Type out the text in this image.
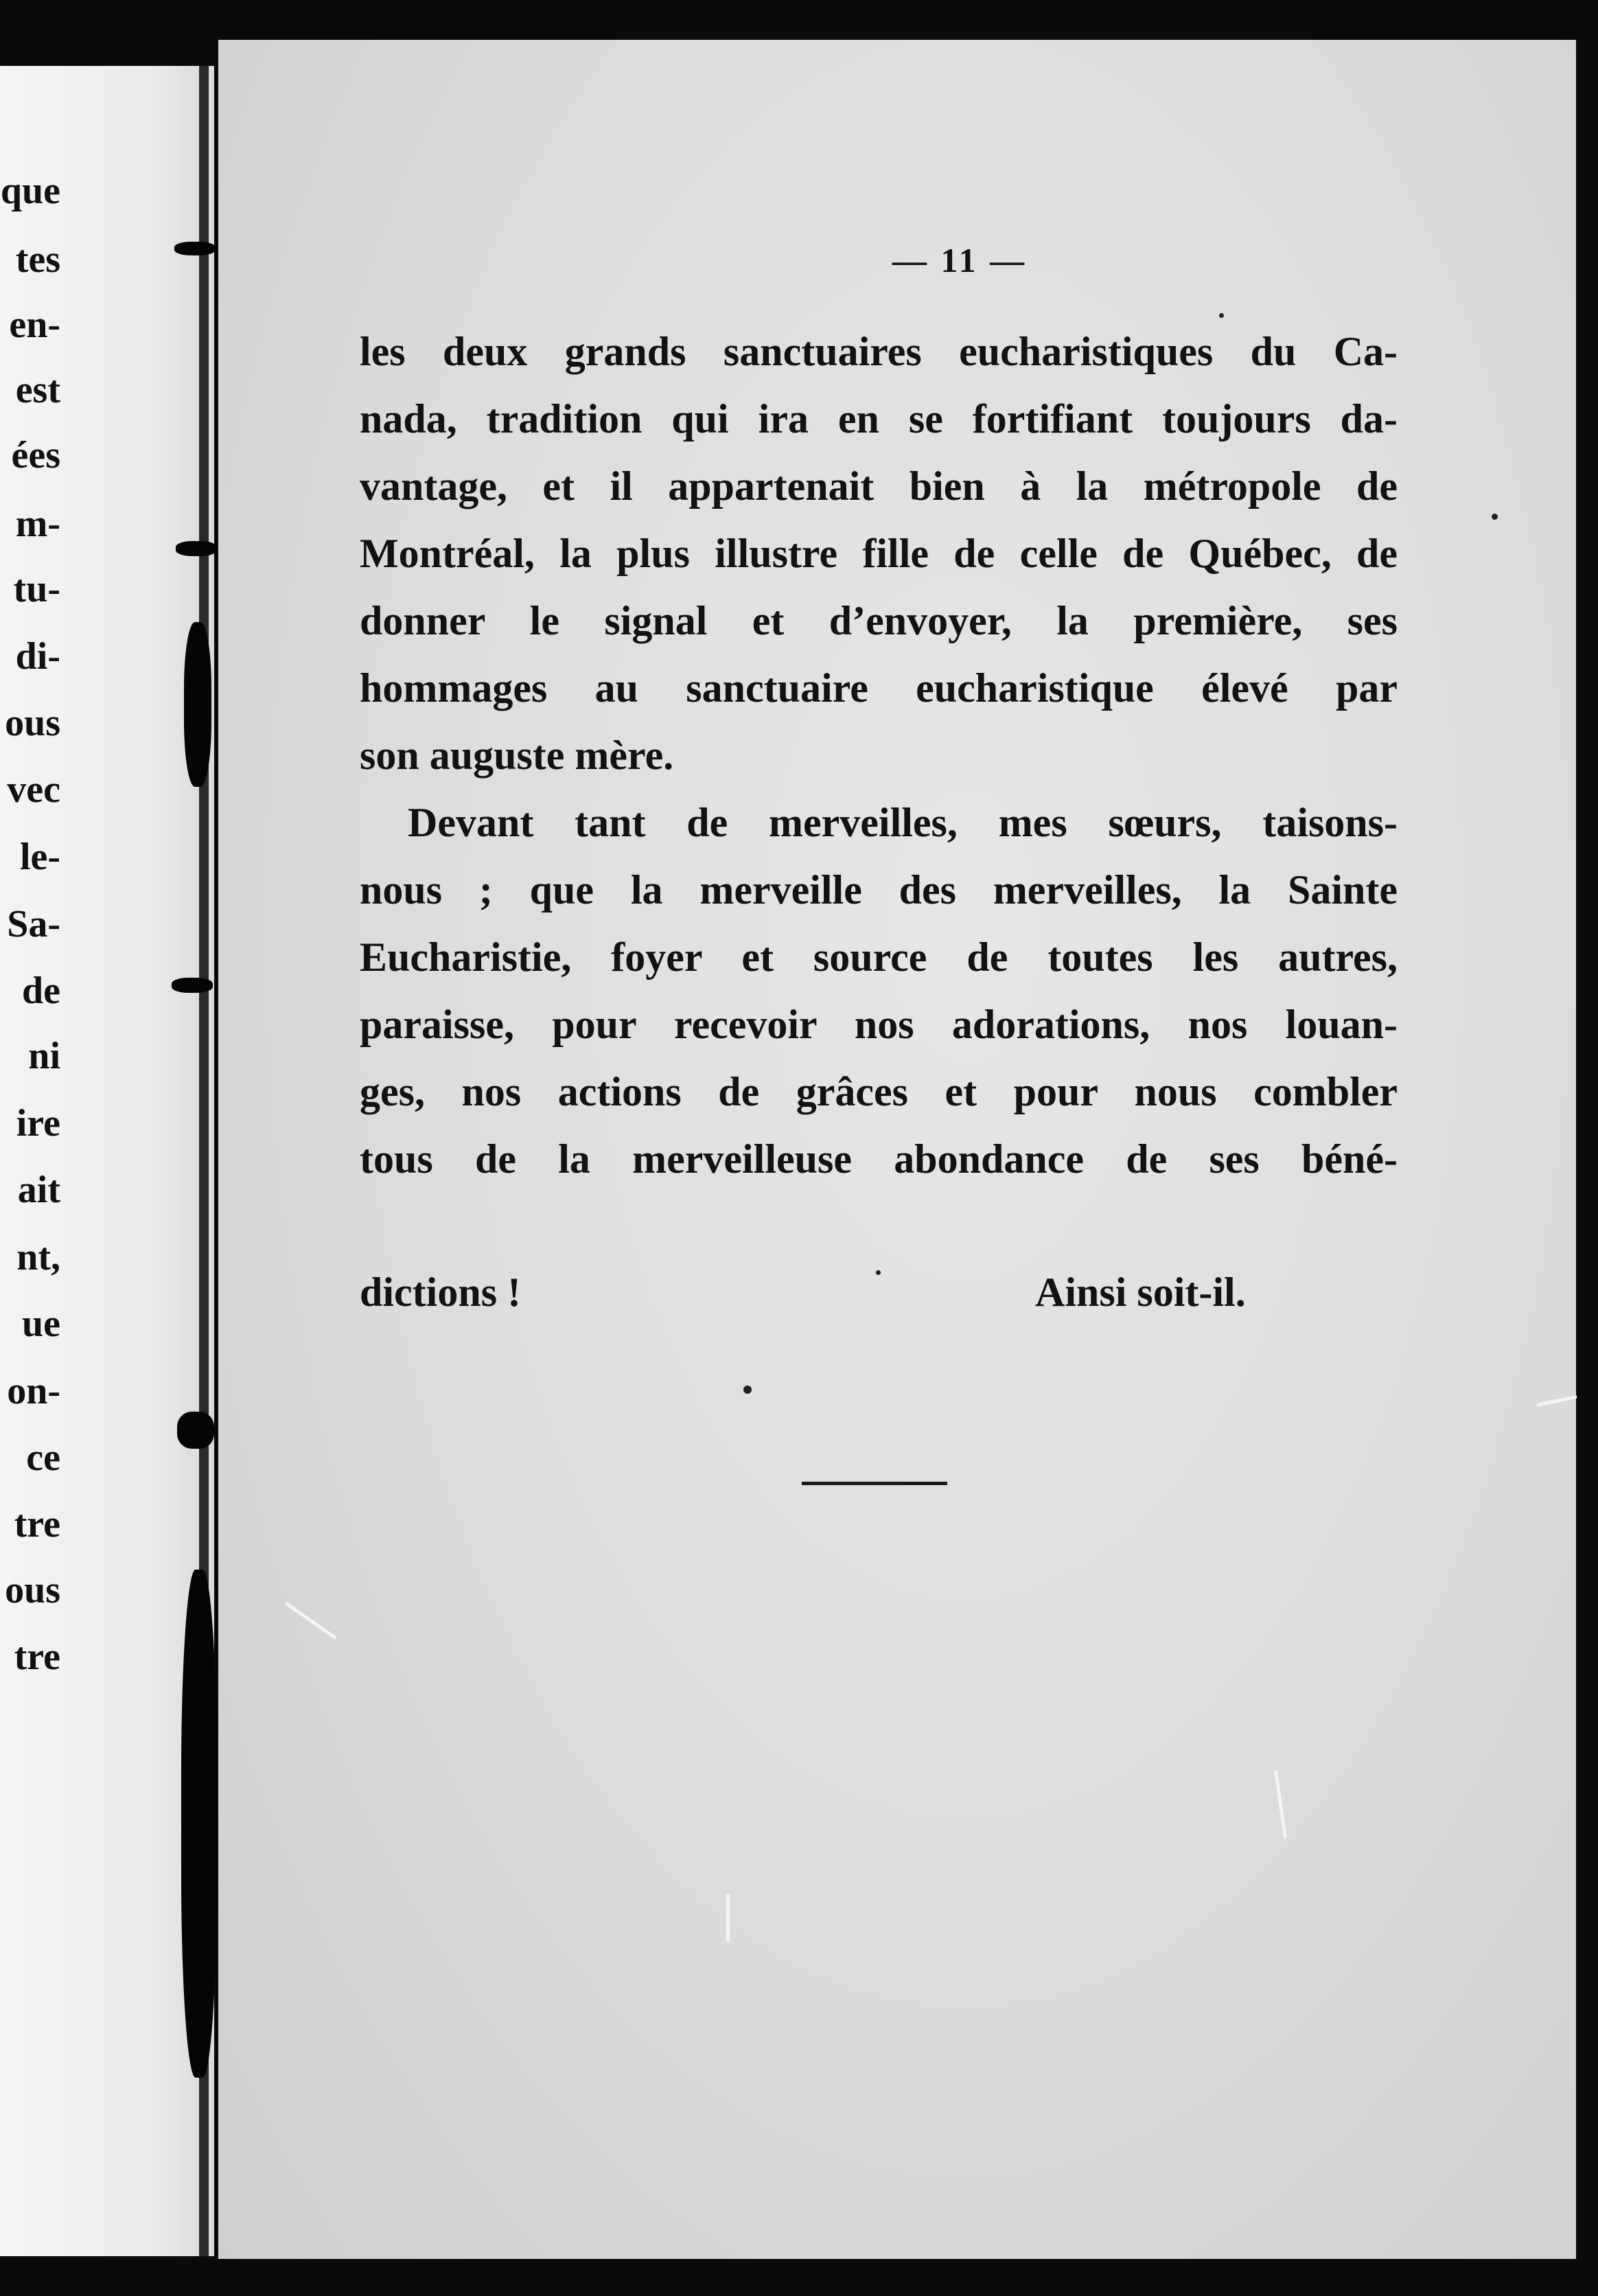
que
tes
en-
est
ées
m-
tu-
di-
ous
vec
le-
Sa-
de
ni
ire
ait
nt,
ue
on-
ce
tre
ous
tre
— 11 —
les deux grands sanctuaires eucharistiques du Ca-
nada, tradition qui ira en se fortifiant toujours da-
vantage, et il appartenait bien à la métropole de
Montréal, la plus illustre fille de celle de Québec, de
donner le signal et d’envoyer, la première, ses
hommages au sanctuaire eucharistique élevé par
son auguste mère.
Devant tant de merveilles, mes sœurs, taisons-
nous ; que la merveille des merveilles, la Sainte
Eucharistie, foyer et source de toutes les autres,
paraisse, pour recevoir nos adorations, nos louan-
ges, nos actions de grâces et pour nous combler
tous de la merveilleuse abondance de ses béné-
dictions !	Ainsi soit-il.
